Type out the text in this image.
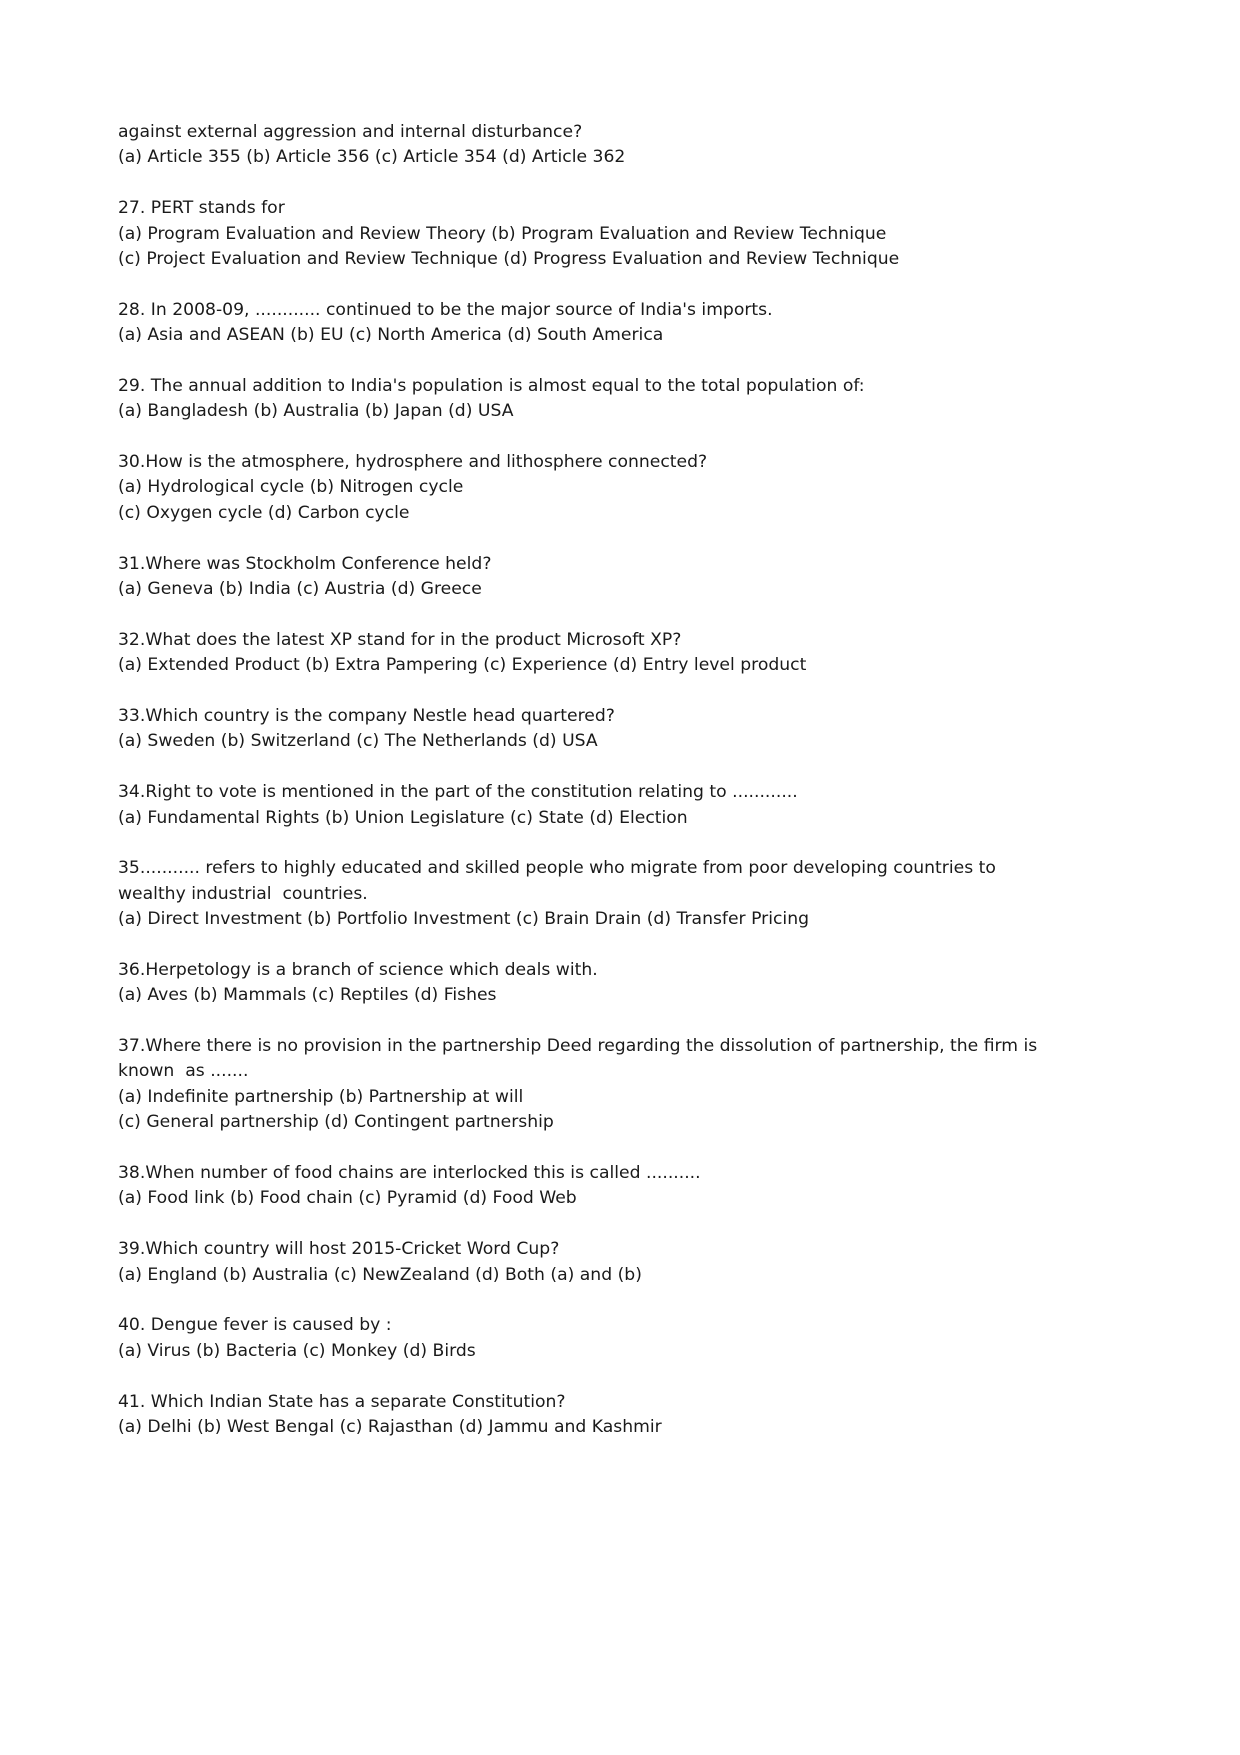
against external aggression and internal disturbance?
(a) Article 355 (b) Article 356 (c) Article 354 (d) Article 362
27. PERT stands for
(a) Program Evaluation and Review Theory (b) Program Evaluation and Review Technique
(c) Project Evaluation and Review Technique (d) Progress Evaluation and Review Technique
28. In 2008-09, ............ continued to be the major source of India's imports.
(a) Asia and ASEAN (b) EU (c) North America (d) South America
29. The annual addition to India's population is almost equal to the total population of:
(a) Bangladesh (b) Australia (b) Japan (d) USA
30.How is the atmosphere, hydrosphere and lithosphere connected?
(a) Hydrological cycle (b) Nitrogen cycle
(c) Oxygen cycle (d) Carbon cycle
31.Where was Stockholm Conference held?
(a) Geneva (b) India (c) Austria (d) Greece
32.What does the latest XP stand for in the product Microsoft XP?
(a) Extended Product (b) Extra Pampering (c) Experience (d) Entry level product
33.Which country is the company Nestle head quartered?
(a) Sweden (b) Switzerland (c) The Netherlands (d) USA
34.Right to vote is mentioned in the part of the constitution relating to ............
(a) Fundamental Rights (b) Union Legislature (c) State (d) Election
35........... refers to highly educated and skilled people who migrate from poor developing countries to
wealthy industrial  countries.
(a) Direct Investment (b) Portfolio Investment (c) Brain Drain (d) Transfer Pricing
36.Herpetology is a branch of science which deals with.
(a) Aves (b) Mammals (c) Reptiles (d) Fishes
37.Where there is no provision in the partnership Deed regarding the dissolution of partnership, the firm is
known  as .......
(a) Indefinite partnership (b) Partnership at will
(c) General partnership (d) Contingent partnership
38.When number of food chains are interlocked this is called ..........
(a) Food link (b) Food chain (c) Pyramid (d) Food Web
39.Which country will host 2015-Cricket Word Cup?
(a) England (b) Australia (c) NewZealand (d) Both (a) and (b)
40. Dengue fever is caused by :
(a) Virus (b) Bacteria (c) Monkey (d) Birds
41. Which Indian State has a separate Constitution?
(a) Delhi (b) West Bengal (c) Rajasthan (d) Jammu and Kashmir
